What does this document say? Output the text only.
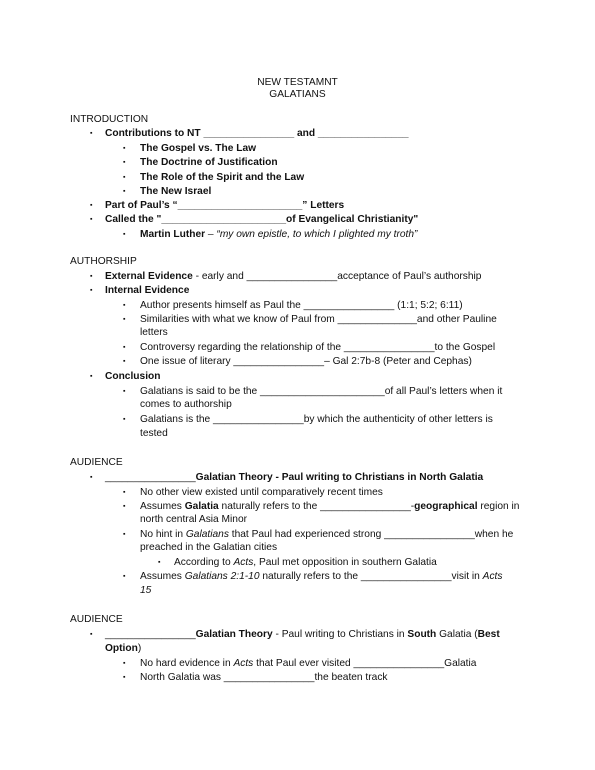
NEW TESTAMNT
GALATIANS
INTRODUCTION
▪ Contributions to NT ________________ and ________________
▪ The Gospel vs. The Law
▪ The Doctrine of Justification
▪ The Role of the Spirit and the Law
▪ The New Israel
▪ Part of Paul’s “______________________” Letters
▪ Called the "______________________of Evangelical Christianity"
▪ Martin Luther – “my own epistle, to which I plighted my troth”
AUTHORSHIP
▪ External Evidence - early and ________________acceptance of Paul’s authorship
▪ Internal Evidence
▪ Author presents himself as Paul the ________________ (1:1; 5:2; 6:11)
▪ Similarities with what we know of Paul from ______________and other Pauline
letters
▪ Controversy regarding the relationship of the ________________to the Gospel
▪ One issue of literary ________________– Gal 2:7b-8 (Peter and Cephas)
▪ Conclusion
▪ Galatians is said to be the ______________________of all Paul’s letters when it
comes to authorship
▪ Galatians is the ________________by which the authenticity of other letters is
tested
AUDIENCE
▪ ________________Galatian Theory - Paul writing to Christians in North Galatia
▪ No other view existed until comparatively recent times
▪ Assumes Galatia naturally refers to the ________________-geographical region in
north central Asia Minor
▪ No hint in Galatians that Paul had experienced strong ________________when he
preached in the Galatian cities
▪ According to Acts, Paul met opposition in southern Galatia
▪ Assumes Galatians 2:1-10 naturally refers to the ________________visit in Acts
15
AUDIENCE
▪ ________________Galatian Theory - Paul writing to Christians in South Galatia (Best
Option)
▪ No hard evidence in Acts that Paul ever visited ________________Galatia
▪ North Galatia was ________________the beaten track
